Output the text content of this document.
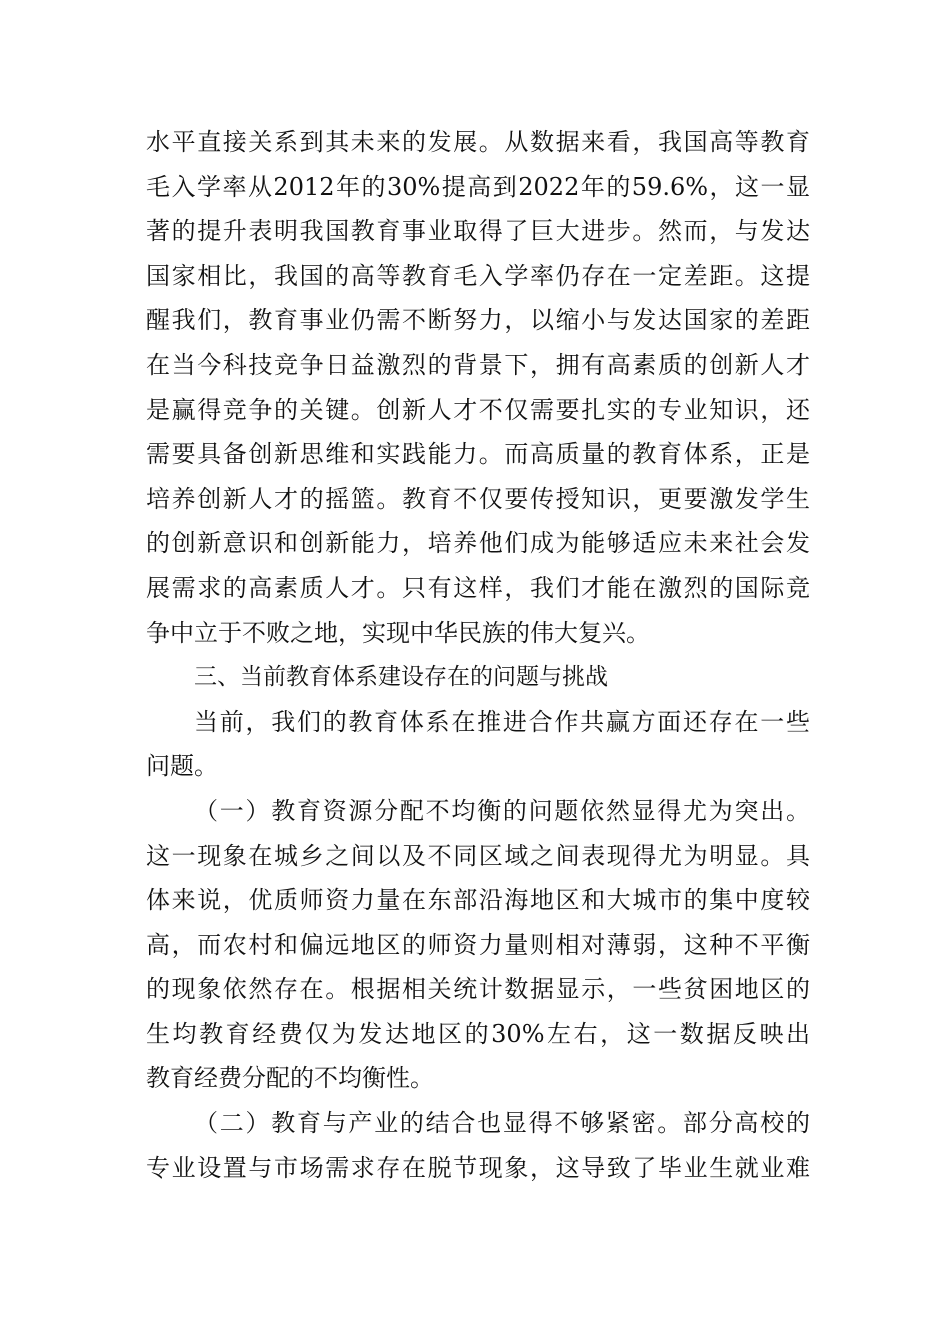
水平直接关系到其未来的发展。从数据来看，我国高等教育
毛入学率从2012年的30%提高到2022年的59.6%，这一显
著的提升表明我国教育事业取得了巨大进步。然而，与发达
国家相比，我国的高等教育毛入学率仍存在一定差距。这提
醒我们，教育事业仍需不断努力，以缩小与发达国家的差距
在当今科技竞争日益激烈的背景下，拥有高素质的创新人才
是赢得竞争的关键。创新人才不仅需要扎实的专业知识，还
需要具备创新思维和实践能力。而高质量的教育体系，正是
培养创新人才的摇篮。教育不仅要传授知识，更要激发学生
的创新意识和创新能力，培养他们成为能够适应未来社会发
展需求的高素质人才。只有这样，我们才能在激烈的国际竞
争中立于不败之地，实现中华民族的伟大复兴。
三、当前教育体系建设存在的问题与挑战
当前，我们的教育体系在推进合作共赢方面还存在一些
问题。
（一）教育资源分配不均衡的问题依然显得尤为突出。
这一现象在城乡之间以及不同区域之间表现得尤为明显。具
体来说，优质师资力量在东部沿海地区和大城市的集中度较
高，而农村和偏远地区的师资力量则相对薄弱，这种不平衡
的现象依然存在。根据相关统计数据显示，一些贫困地区的
生均教育经费仅为发达地区的30%左右，这一数据反映出
教育经费分配的不均衡性。
（二）教育与产业的结合也显得不够紧密。部分高校的
专业设置与市场需求存在脱节现象，这导致了毕业生就业难
